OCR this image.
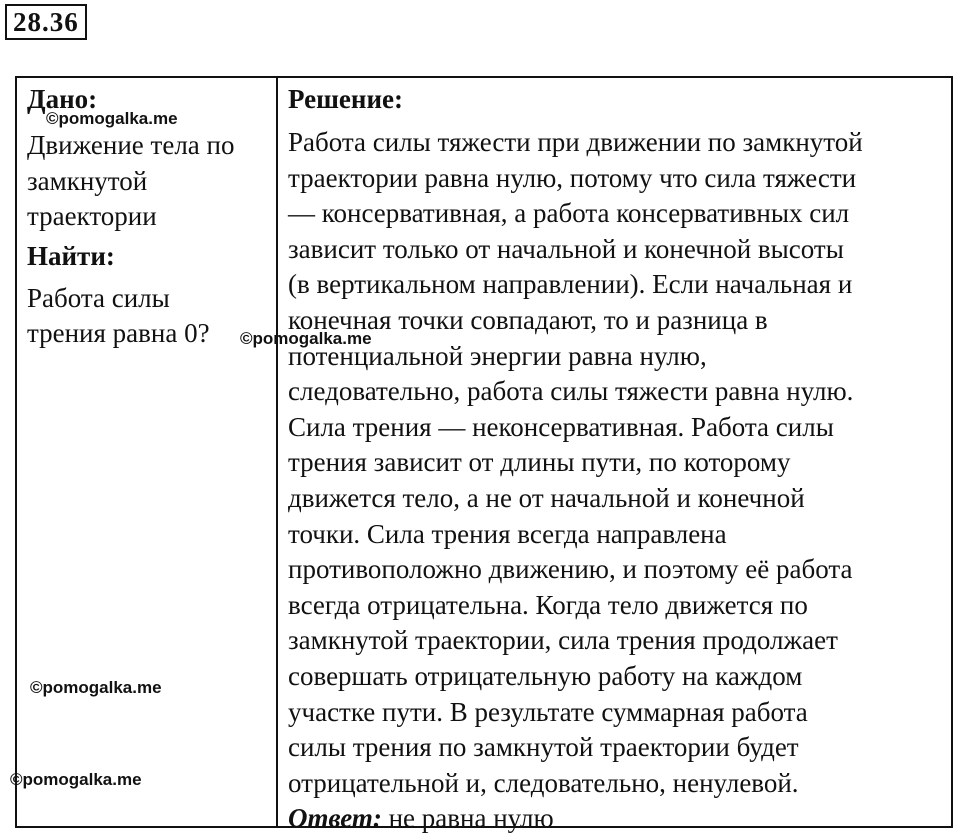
28.36

Дано:

Движение тела по

замкнутой

траектории

Найти:

Работа силы

трения равна 0?

Решение:

Работа силы тяжести при движении по замкнутой

траектории равна нулю, потому что сила тяжести

— консервативная, а работа консервативных сил

зависит только от начальной и конечной высоты

(в вертикальном направлении). Если начальная и

конечная точки совпадают, то и разница в

потенциальной энергии равна нулю,

следовательно, работа силы тяжести равна нулю.

Сила трения — неконсервативная. Работа силы

трения зависит от длины пути, по которому

движется тело, а не от начальной и конечной

точки. Сила трения всегда направлена

противоположно движению, и поэтому её работа

всегда отрицательна. Когда тело движется по

замкнутой траектории, сила трения продолжает

совершать отрицательную работу на каждом

участке пути. В результате суммарная работа

силы трения по замкнутой траектории будет

отрицательной и, следовательно, ненулевой.

Ответ: не равна нулю

©pomogalka.me
©pomogalka.me
©pomogalka.me
©pomogalka.me
